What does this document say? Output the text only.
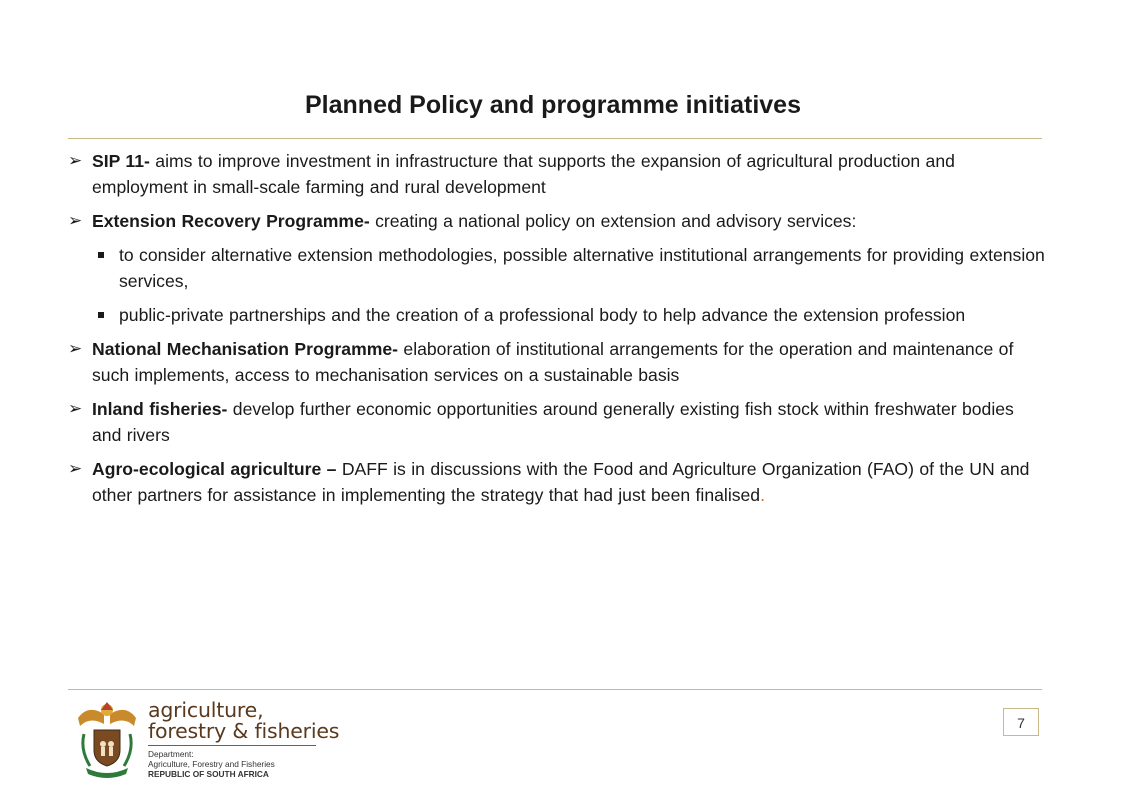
Planned Policy and programme initiatives
➢ SIP 11- aims to improve investment in infrastructure that supports the expansion of agricultural production and employment in small-scale farming and rural development
➢ Extension Recovery Programme- creating a national policy on extension and advisory services:
to consider alternative extension methodologies, possible alternative institutional arrangements for providing extension services,
public-private partnerships and the creation of a professional body to help advance the extension profession
➢ National Mechanisation Programme- elaboration of institutional arrangements for the operation and maintenance of such implements, access to mechanisation services on a sustainable basis
➢ Inland fisheries- develop further economic opportunities around generally existing fish stock within freshwater bodies and rivers
➢ Agro-ecological agriculture – DAFF is in discussions with the Food and Agriculture Organization (FAO) of the UN and other partners for assistance in implementing the strategy that had just been finalised.
agriculture,
forestry & fisheries
Department:
Agriculture, Forestry and Fisheries
REPUBLIC OF SOUTH AFRICA
7
